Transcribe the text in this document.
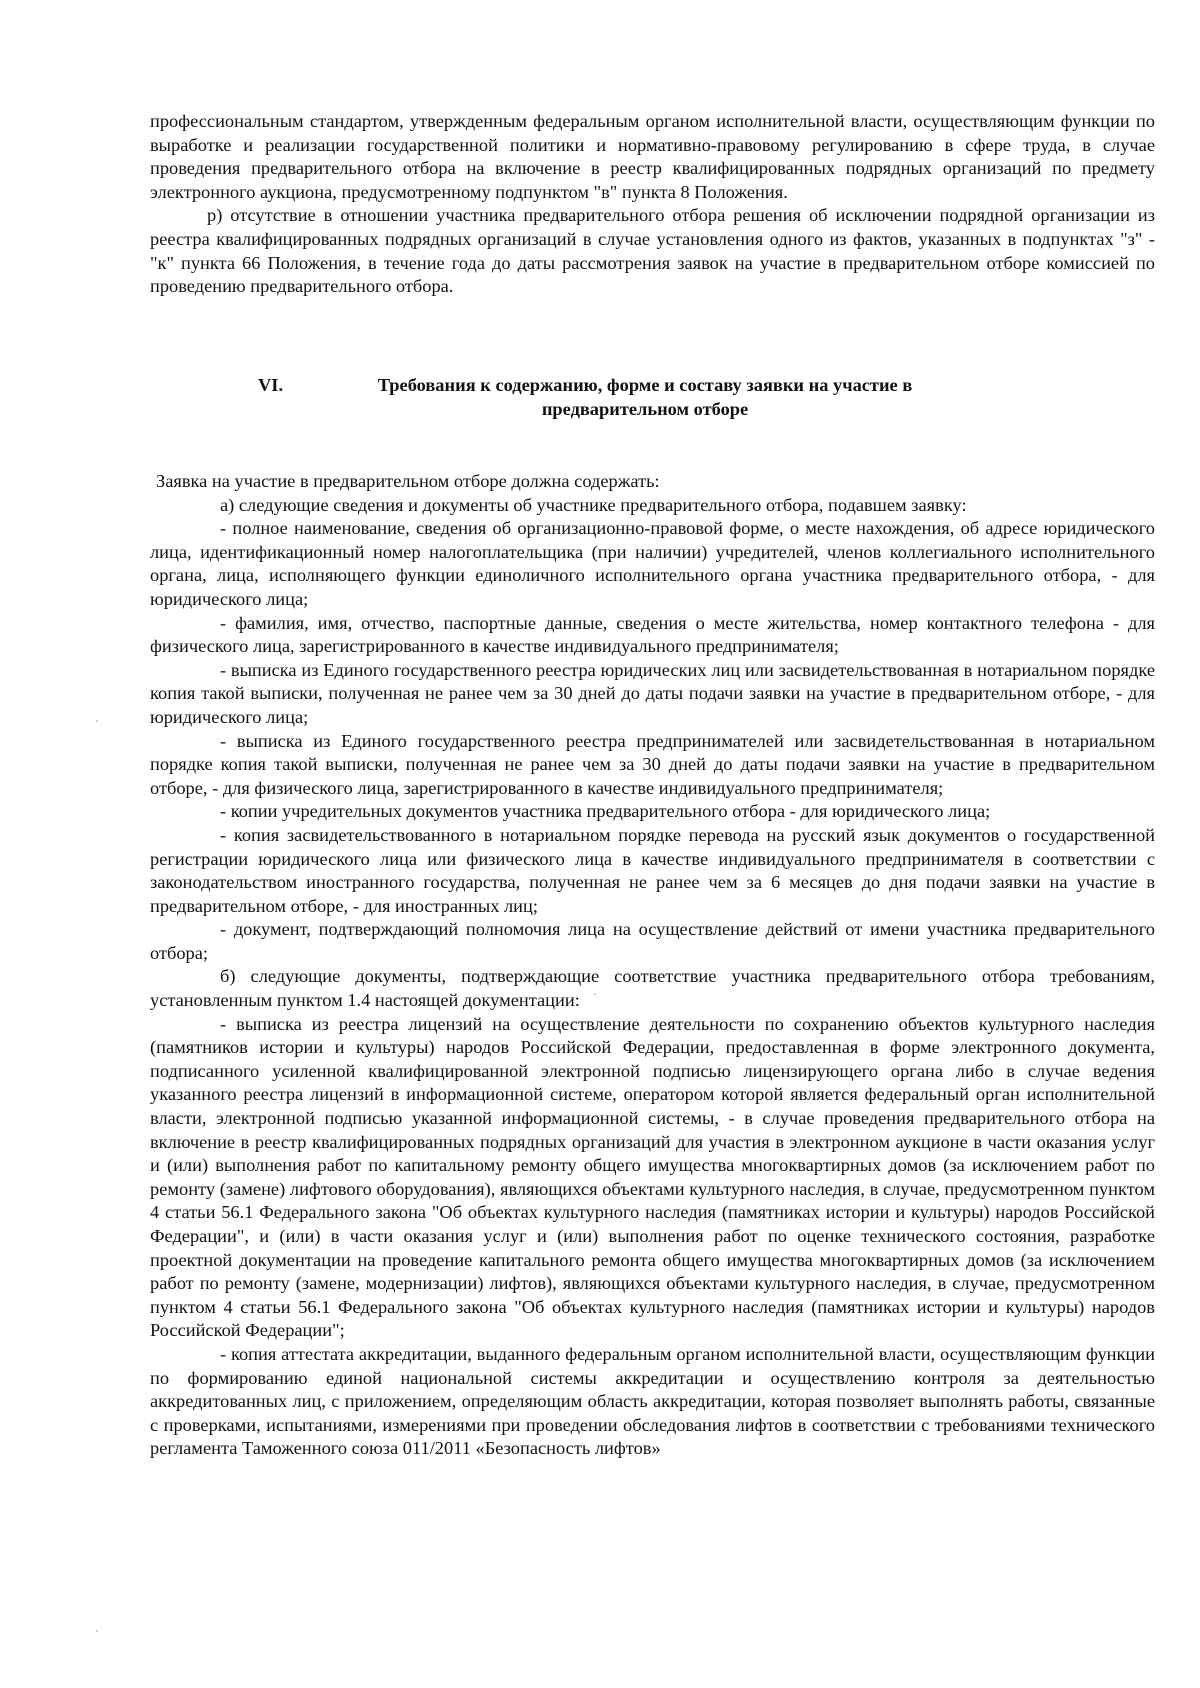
профессиональным стандартом, утвержденным федеральным органом исполнительной власти, осуществляющим функции по выработке и реализации государственной политики и нормативно-правовому регулированию в сфере труда, в случае проведения предварительного отбора на включение в реестр квалифицированных подрядных организаций по предмету электронного аукциона, предусмотренному подпунктом "в" пункта 8 Положения.

р) отсутствие в отношении участника предварительного отбора решения об исключении подрядной организации из реестра квалифицированных подрядных организаций в случае установления одного из фактов, указанных в подпунктах "з" - "к" пункта 66 Положения, в течение года до даты рассмотрения заявок на участие в предварительном отборе комиссией по проведению предварительного отбора.

VI.	Требования к содержанию, форме и составу заявки на участие в предварительном отборе

Заявка на участие в предварительном отборе должна содержать:

а) следующие сведения и документы об участнике предварительного отбора, подавшем заявку:

- полное наименование, сведения об организационно-правовой форме, о месте нахождения, об адресе юридического лица, идентификационный номер налогоплательщика (при наличии) учредителей, членов коллегиального исполнительного органа, лица, исполняющего функции единоличного исполнительного органа участника предварительного отбора, - для юридического лица;

- фамилия, имя, отчество, паспортные данные, сведения о месте жительства, номер контактного телефона - для физического лица, зарегистрированного в качестве индивидуального предпринимателя;

- выписка из Единого государственного реестра юридических лиц или засвидетельствованная в нотариальном порядке копия такой выписки, полученная не ранее чем за 30 дней до даты подачи заявки на участие в предварительном отборе, - для юридического лица;

- выписка из Единого государственного реестра предпринимателей или засвидетельствованная в нотариальном порядке копия такой выписки, полученная не ранее чем за 30 дней до даты подачи заявки на участие в предварительном отборе, - для физического лица, зарегистрированного в качестве индивидуального предпринимателя;

- копии учредительных документов участника предварительного отбора - для юридического лица;

- копия засвидетельствованного в нотариальном порядке перевода на русский язык документов о государственной регистрации юридического лица или физического лица в качестве индивидуального предпринимателя в соответствии с законодательством иностранного государства, полученная не ранее чем за 6 месяцев до дня подачи заявки на участие в предварительном отборе, - для иностранных лиц;

- документ, подтверждающий полномочия лица на осуществление действий от имени участника предварительного отбора;

б) следующие документы, подтверждающие соответствие участника предварительного отбора требованиям, установленным пунктом 1.4 настоящей документации:

- выписка из реестра лицензий на осуществление деятельности по сохранению объектов культурного наследия (памятников истории и культуры) народов Российской Федерации, предоставленная в форме электронного документа, подписанного усиленной квалифицированной электронной подписью лицензирующего органа либо в случае ведения указанного реестра лицензий в информационной системе, оператором которой является федеральный орган исполнительной власти, электронной подписью указанной информационной системы, - в случае проведения предварительного отбора на включение в реестр квалифицированных подрядных организаций для участия в электронном аукционе в части оказания услуг и (или) выполнения работ по капитальному ремонту общего имущества многоквартирных домов (за исключением работ по ремонту (замене) лифтового оборудования), являющихся объектами культурного наследия, в случае, предусмотренном пунктом 4 статьи 56.1 Федерального закона "Об объектах культурного наследия (памятниках истории и культуры) народов Российской Федерации", и (или) в части оказания услуг и (или) выполнения работ по оценке технического состояния, разработке проектной документации на проведение капитального ремонта общего имущества многоквартирных домов (за исключением работ по ремонту (замене, модернизации) лифтов), являющихся объектами культурного наследия, в случае, предусмотренном пунктом 4 статьи 56.1 Федерального закона "Об объектах культурного наследия (памятниках истории и культуры) народов Российской Федерации";

- копия аттестата аккредитации, выданного федеральным органом исполнительной власти, осуществляющим функции по формированию единой национальной системы аккредитации и осуществлению контроля за деятельностью аккредитованных лиц, с приложением, определяющим область аккредитации, которая позволяет выполнять работы, связанные с проверками, испытаниями, измерениями при проведении обследования лифтов в соответствии с требованиями технического регламента Таможенного союза 011/2011 «Безопасность лифтов»
